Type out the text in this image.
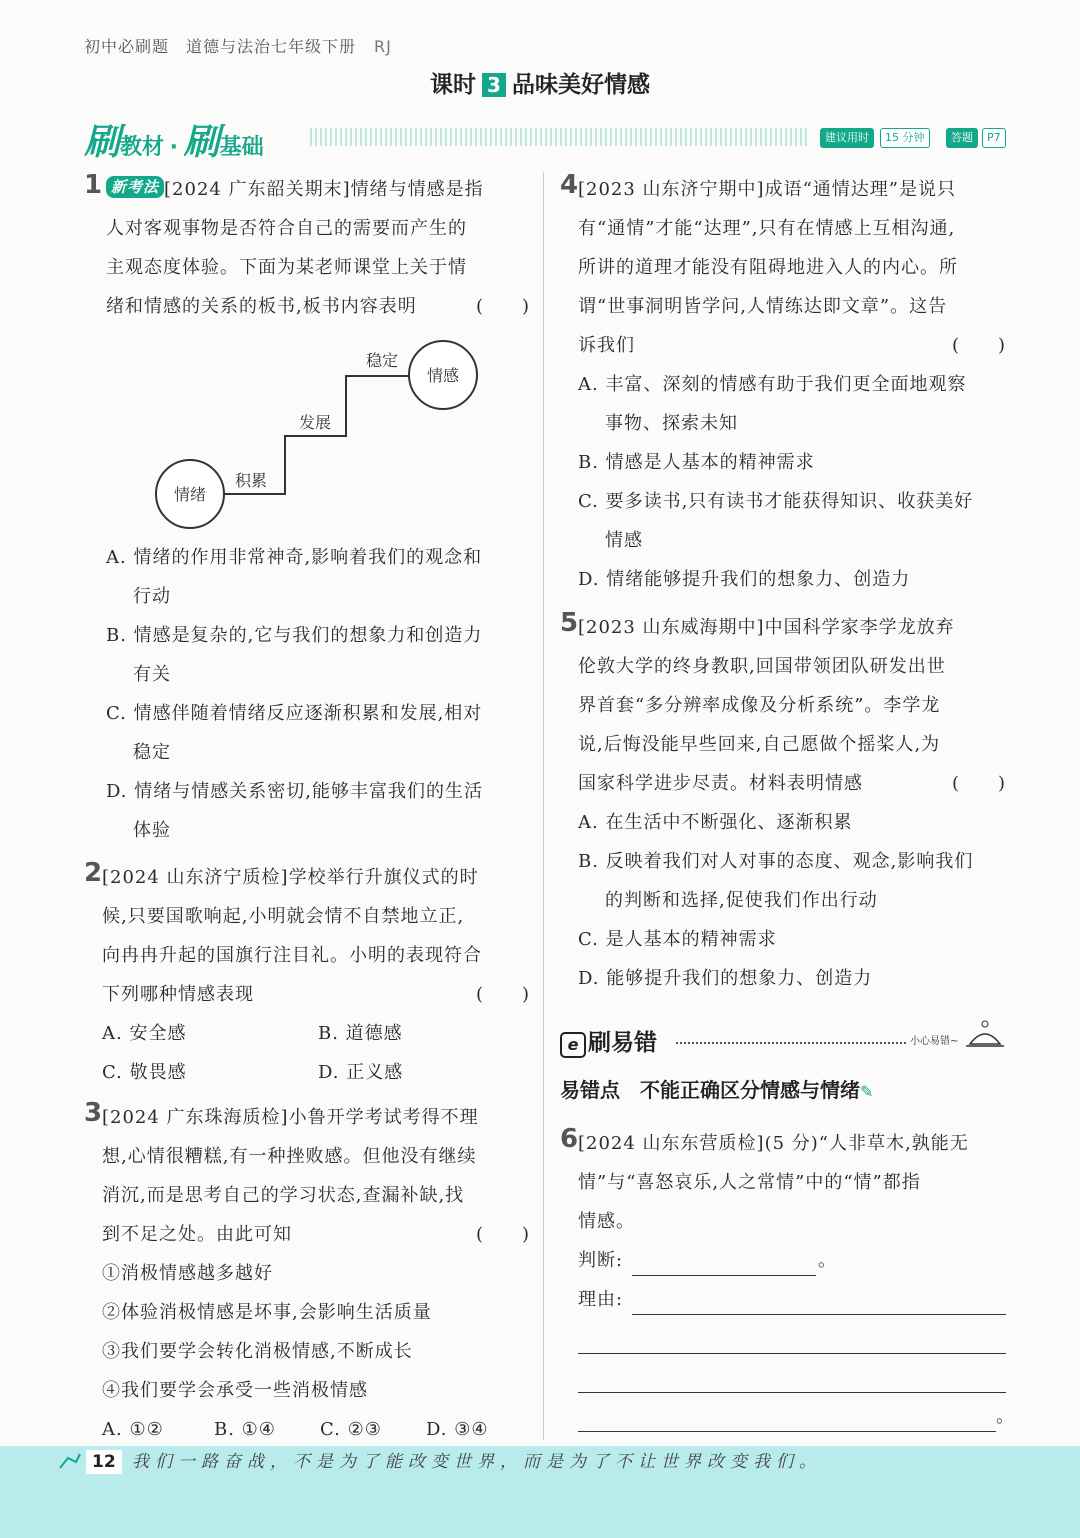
初中必刷题　道德与法治七年级下册 RJ
课时 3 品味美好情感
刷教材 · 刷基础	建议用时	15 分钟	答题	P7
1 新考法 [2024 广东韶关期末]情绪与情感是指
人对客观事物是否符合自己的需要而产生的
主观态度体验。下面为某老师课堂上关于情
绪和情感的关系的板书,板书内容表明	(　　)
情绪
情感
积累
发展
稳定
A. 情绪的作用非常神奇,影响着我们的观念和
行动
B. 情感是复杂的,它与我们的想象力和创造力
有关
C. 情感伴随着情绪反应逐渐积累和发展,相对
稳定
D. 情绪与情感关系密切,能够丰富我们的生活
体验
2 [2024 山东济宁质检]学校举行升旗仪式的时
候,只要国歌响起,小明就会情不自禁地立正,
向冉冉升起的国旗行注目礼。小明的表现符合
下列哪种情感表现	(　　)
A. 安全感	B. 道德感
C. 敬畏感	D. 正义感
3 [2024 广东珠海质检]小鲁开学考试考得不理
想,心情很糟糕,有一种挫败感。但他没有继续
消沉,而是思考自己的学习状态,查漏补缺,找
到不足之处。由此可知	(　　)
①消极情感越多越好
②体验消极情感是坏事,会影响生活质量
③我们要学会转化消极情感,不断成长
④我们要学会承受一些消极情感
A. ①②	B. ①④ C. ②③ D. ③④
4 [2023 山东济宁期中]成语“通情达理”是说只
有“通情”才能“达理”,只有在情感上互相沟通,
所讲的道理才能没有阻碍地进入人的内心。所
谓“世事洞明皆学问,人情练达即文章”。这告
诉我们	(　　)
A. 丰富、深刻的情感有助于我们更全面地观察
事物、探索未知
B. 情感是人基本的精神需求
C. 要多读书,只有读书才能获得知识、收获美好
情感
D. 情绪能够提升我们的想象力、创造力
5 [2023 山东威海期中]中国科学家李学龙放弃
伦敦大学的终身教职,回国带领团队研发出世
界首套“多分辨率成像及分析系统”。李学龙
说,后悔没能早些回来,自己愿做个摇桨人,为
国家科学进步尽责。材料表明情感	(　　)
A. 在生活中不断强化、逐渐积累
B. 反映着我们对人对事的态度、观念,影响我们
的判断和选择,促使我们作出行动
C. 是人基本的精神需求
D. 能够提升我们的想象力、创造力
e 刷易错	小心易错~
易错点 不能正确区分情感与情绪✎
6 [2024 山东东营质检](5 分)“人非草木,孰能无
情”与“喜怒哀乐,人之常情”中的“情”都指
情感。
判断:	。
理由:
。
12 我们一路奋战，不是为了能改变世界，而是为了不让世界改变我们。
